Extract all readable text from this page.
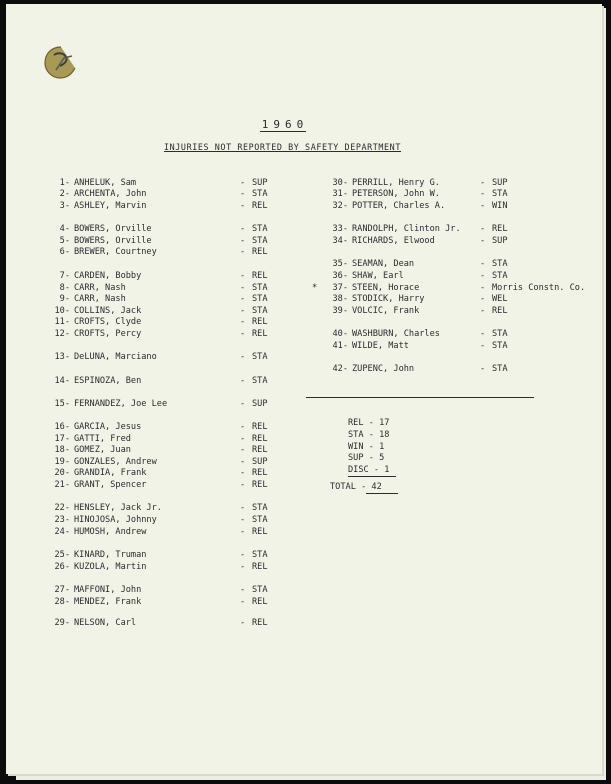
1960
INJURIES NOT REPORTED BY SAFETY DEPARTMENT
1- ANHELUK, Sam	- SUP
2- ARCHENTA, John	- STA
3- ASHLEY, Marvin	- REL
4- BOWERS, Orville	- STA
5- BOWERS, Orville	- STA
6- BREWER, Courtney	- REL
7- CARDEN, Bobby	- REL
8- CARR, Nash	- STA
9- CARR, Nash	- STA
10- COLLINS, Jack	- STA
11- CROFTS, Clyde	- REL
12- CROFTS, Percy	- REL
13- DeLUNA, Marciano	- STA
14- ESPINOZA, Ben	- STA
15- FERNANDEZ, Joe Lee	- SUP
16- GARCIA, Jesus	- REL
17- GATTI, Fred	- REL
18- GOMEZ, Juan	- REL
19- GONZALES, Andrew	- SUP
20- GRANDIA, Frank	- REL
21- GRANT, Spencer	- REL
22- HENSLEY, Jack Jr.	- STA
23- HINOJOSA, Johnny	- STA
24- HUMOSH, Andrew	- REL
25- KINARD, Truman	- STA
26- KUZOLA, Martin	- REL
27- MAFFONI, John	- STA
28- MENDEZ, Frank	- REL
29- NELSON, Carl	- REL
30- PERRILL, Henry G.	- SUP
31- PETERSON, John W.	- STA
32- POTTER, Charles A.	- WIN
33- RANDOLPH, Clinton Jr. - REL
34- RICHARDS, Elwood	- SUP
35- SEAMAN, Dean	- STA
36- SHAW, Earl	- STA
*	37- STEEN, Horace	- Morris Constn. Co.
38- STODICK, Harry	- WEL
39- VOLCIC, Frank	- REL
40- WASHBURN, Charles	- STA
41- WILDE, Matt	- STA
42- ZUPENC, John	- STA
REL - 17
STA - 18
WIN - 1
SUP - 5
DISC - 1
TOTAL - 42
